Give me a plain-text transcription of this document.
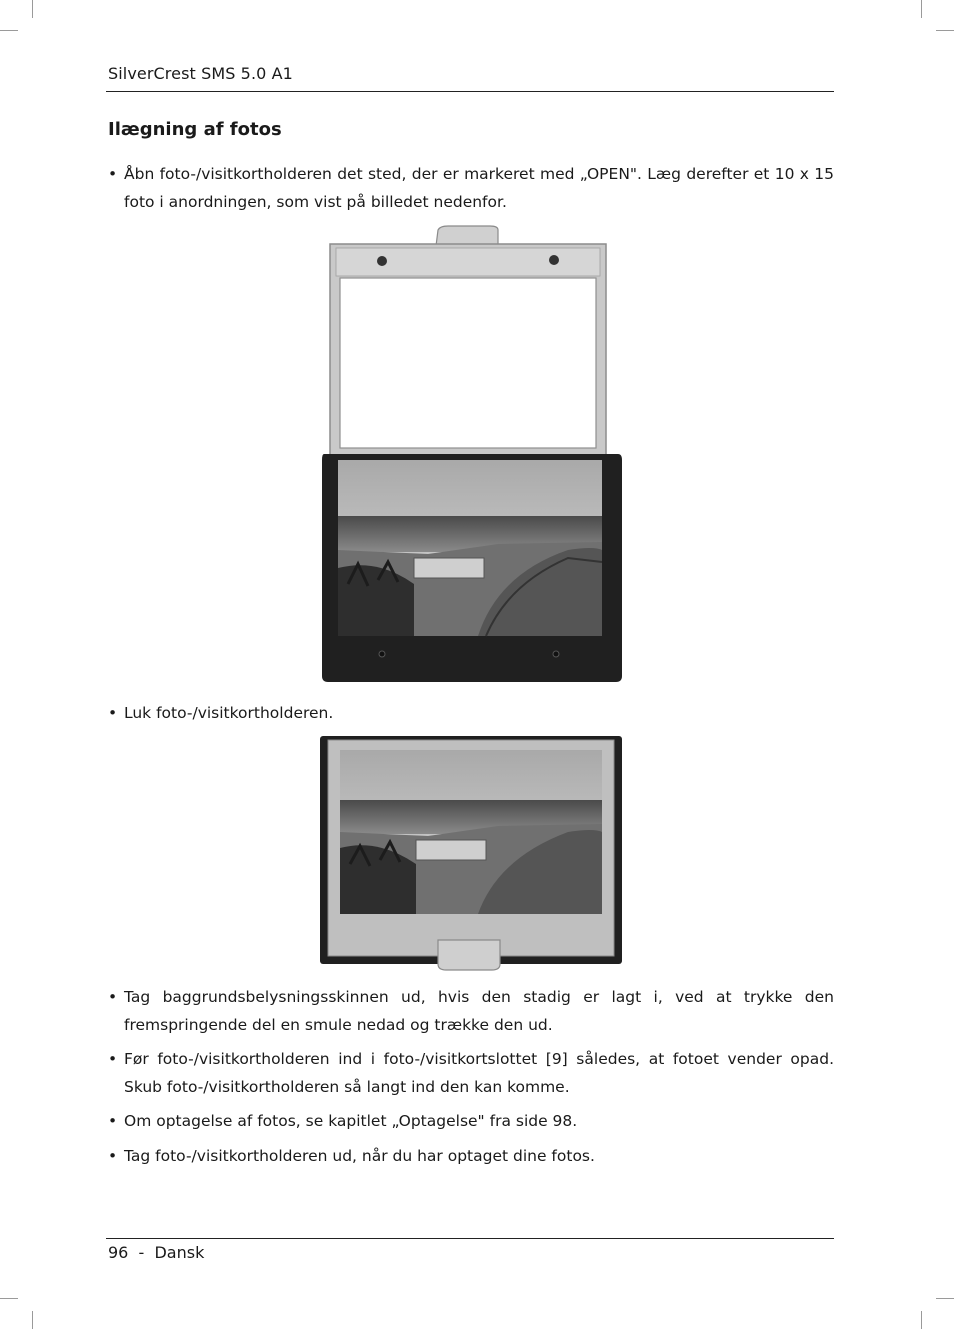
SilverCrest SMS 5.0 A1
Ilægning af fotos
• Åbn foto-/visitkortholderen det sted, der er markeret med „OPEN". Læg derefter et 10 x 15 foto i anordningen, som vist på billedet nedenfor.
• Luk foto-/visitkortholderen.
• Tag baggrundsbelysningsskinnen ud, hvis den stadig er lagt i, ved at trykke den fremspringende del en smule nedad og trække den ud.
• Før foto-/visitkortholderen ind i foto-/visitkortslottet [9] således, at fotoet vender opad. Skub foto-/visitkortholderen så langt ind den kan komme.
• Om optagelse af fotos, se kapitlet „Optagelse" fra side 98.
• Tag foto-/visitkortholderen ud, når du har optaget dine fotos.
96  -  Dansk
